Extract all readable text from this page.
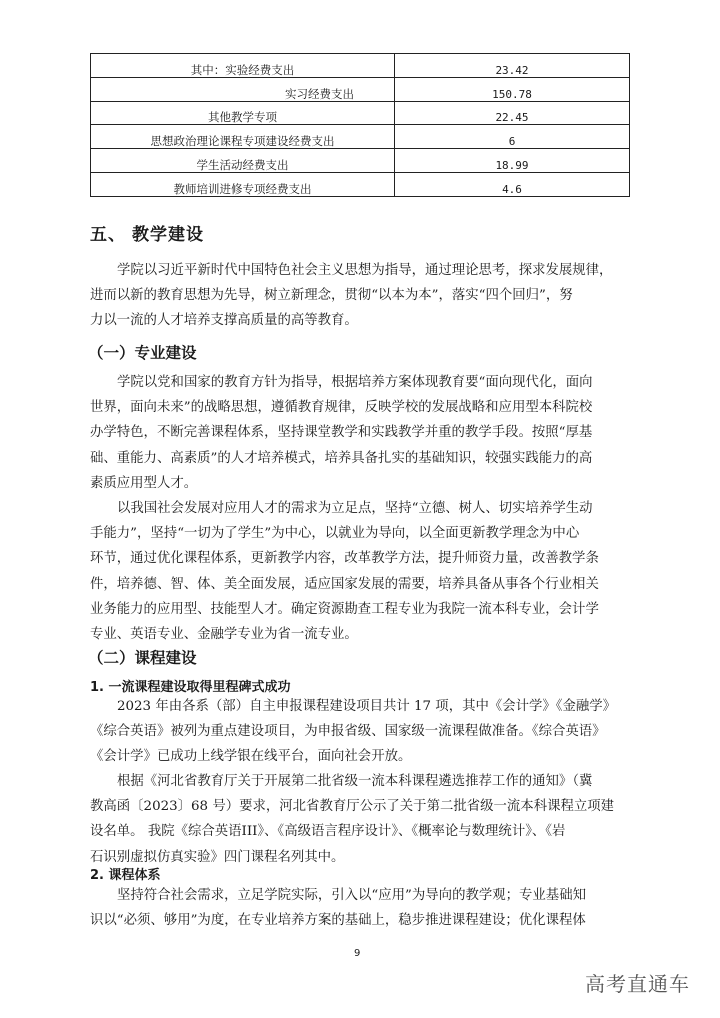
其中：实验经费支出	23.42
实习经费支出	150.78
其他教学专项	22.45
思想政治理论课程专项建设经费支出	6
学生活动经费支出	18.99
教师培训进修专项经费支出	4.6
五、 教学建设
学院以习近平新时代中国特色社会主义思想为指导，通过理论思考，探求发展规律，
进而以新的教育思想为先导，树立新理念，贯彻“以本为本”，落实“四个回归”，努
力以一流的人才培养支撑高质量的高等教育。
（一）专业建设
学院以党和国家的教育方针为指导，根据培养方案体现教育要“面向现代化，面向
世界，面向未来”的战略思想，遵循教育规律，反映学校的发展战略和应用型本科院校
办学特色，不断完善课程体系，坚持课堂教学和实践教学并重的教学手段。按照“厚基
础、重能力、高素质”的人才培养模式，培养具备扎实的基础知识，较强实践能力的高
素质应用型人才。
以我国社会发展对应用人才的需求为立足点，坚持“立德、树人、切实培养学生动
手能力”，坚持“一切为了学生”为中心，以就业为导向，以全面更新教学理念为中心
环节，通过优化课程体系，更新教学内容，改革教学方法，提升师资力量，改善教学条
件，培养德、智、体、美全面发展，适应国家发展的需要，培养具备从事各个行业相关
业务能力的应用型、技能型人才。确定资源勘查工程专业为我院一流本科专业，会计学
专业、英语专业、金融学专业为省一流专业。
（二）课程建设
1. 一流课程建设取得里程碑式成功
2023 年由各系（部）自主申报课程建设项目共计 17 项，其中《会计学》《金融学》
《综合英语》被列为重点建设项目，为申报省级、国家级一流课程做准备。《综合英语》
《会计学》已成功上线学银在线平台，面向社会开放。
根据《河北省教育厅关于开展第二批省级一流本科课程遴选推荐工作的通知》（冀
教高函〔2023〕68 号）要求，河北省教育厅公示了关于第二批省级一流本科课程立项建
设名单。 我院《综合英语III》、《高级语言程序设计》、《概率论与数理统计》、《岩
石识别虚拟仿真实验》四门课程名列其中。
2. 课程体系
坚持符合社会需求，立足学院实际，引入以“应用”为导向的教学观；专业基础知
识以“必须、够用”为度，在专业培养方案的基础上，稳步推进课程建设；优化课程体
9
高考直通车
